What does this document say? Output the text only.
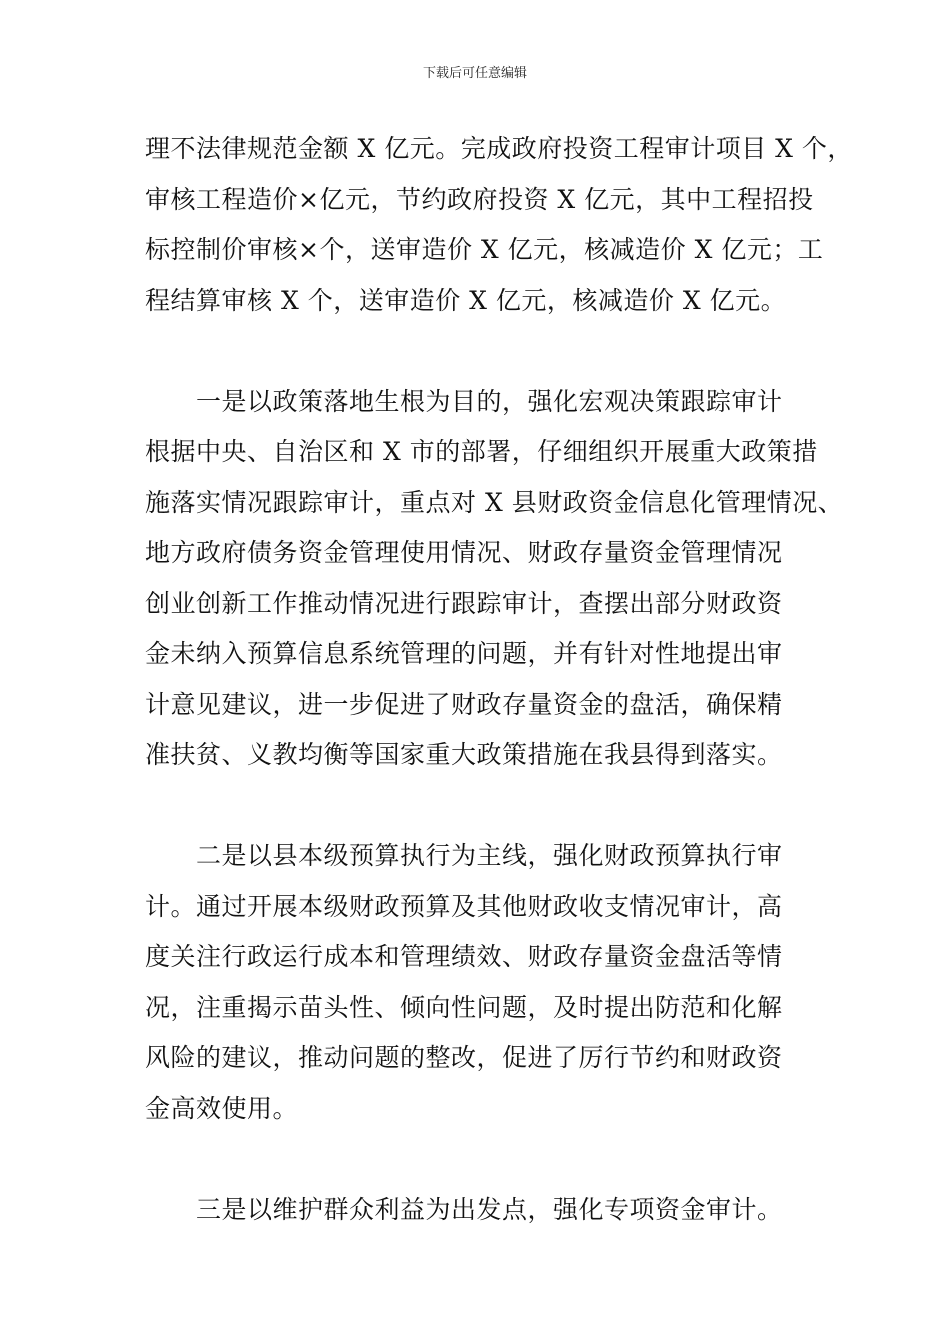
下载后可任意编辑
理不法律规范金额 X 亿元。完成政府投资工程审计项目 X 个，
审核工程造价×亿元，节约政府投资 X 亿元，其中工程招投
标控制价审核×个，送审造价 X 亿元，核减造价 X 亿元；工
程结算审核 X 个，送审造价 X 亿元，核减造价 X 亿元。
　　一是以政策落地生根为目的，强化宏观决策跟踪审计
根据中央、自治区和 X 市的部署，仔细组织开展重大政策措
施落实情况跟踪审计，重点对 X 县财政资金信息化管理情况、
地方政府债务资金管理使用情况、财政存量资金管理情况
创业创新工作推动情况进行跟踪审计，查摆出部分财政资
金未纳入预算信息系统管理的问题，并有针对性地提出审
计意见建议，进一步促进了财政存量资金的盘活，确保精
准扶贫、义教均衡等国家重大政策措施在我县得到落实。
　　二是以县本级预算执行为主线，强化财政预算执行审
计。通过开展本级财政预算及其他财政收支情况审计，高
度关注行政运行成本和管理绩效、财政存量资金盘活等情
况，注重揭示苗头性、倾向性问题，及时提出防范和化解
风险的建议，推动问题的整改，促进了厉行节约和财政资
金高效使用。
　　三是以维护群众利益为出发点，强化专项资金审计。
